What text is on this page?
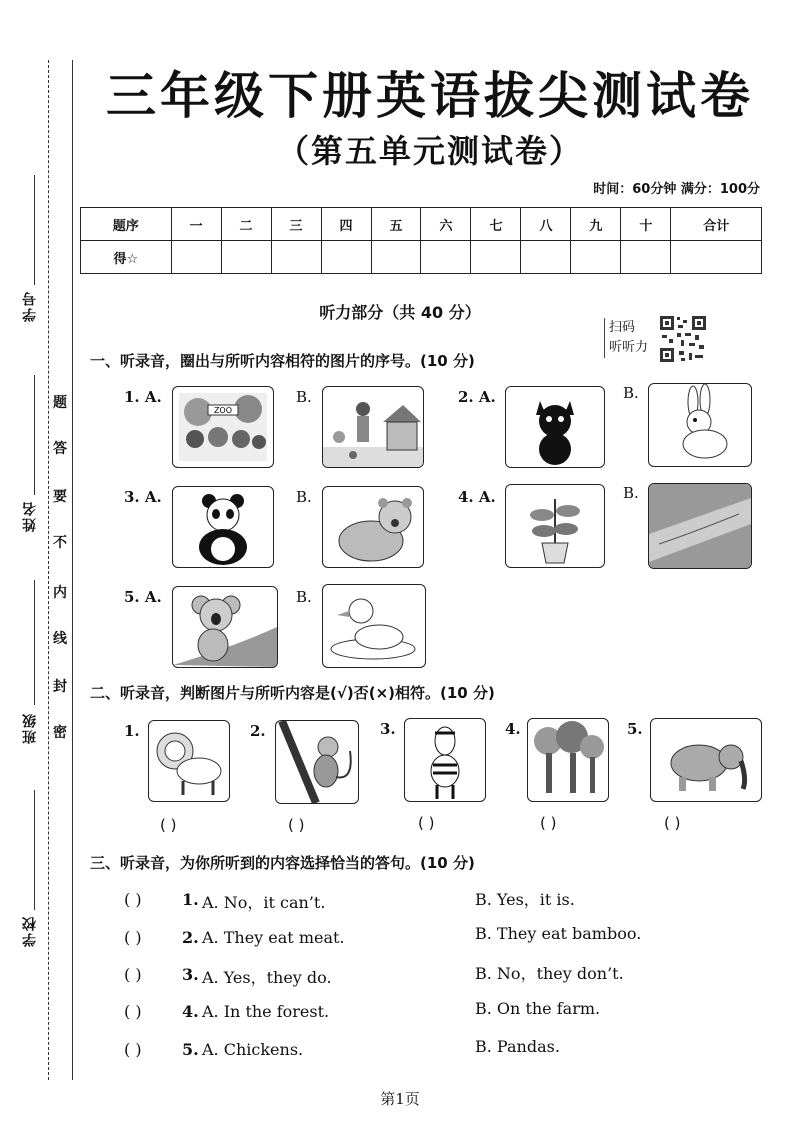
学号
姓名
班级
学校
题
答
要
不
内
线
封
密
三年级下册英语拔尖测试卷
（第五单元测试卷）
时间：60分钟 满分：100分
题序	一	二	三	四	五	六	七	八	九	十	合计
得☆											
听力部分（共 40 分）
扫码
听听力
一、听录音，圈出与所听内容相符的图片的序号。(10 分)
1. A.
ZOO
B.	2. A.	B.
3. A.	B.	4. A.	B.
5. A.	B.
二、听录音，判断图片与所听内容是(√)否(×)相符。(10 分)
1.
( )
2.
( )
3.
( )
4.
( )
5.
( )
三、听录音，为你所听到的内容选择恰当的答句。(10 分)
( )	1. A. No，it can’t.	B. Yes，it is.
( )	2. A. They eat meat.	B. They eat bamboo.
( )	3. A. Yes，they do.	B. No，they don’t.
( )	4. A. In the forest.	B. On the farm.
( )	5. A. Chickens.	B. Pandas.
第1页
